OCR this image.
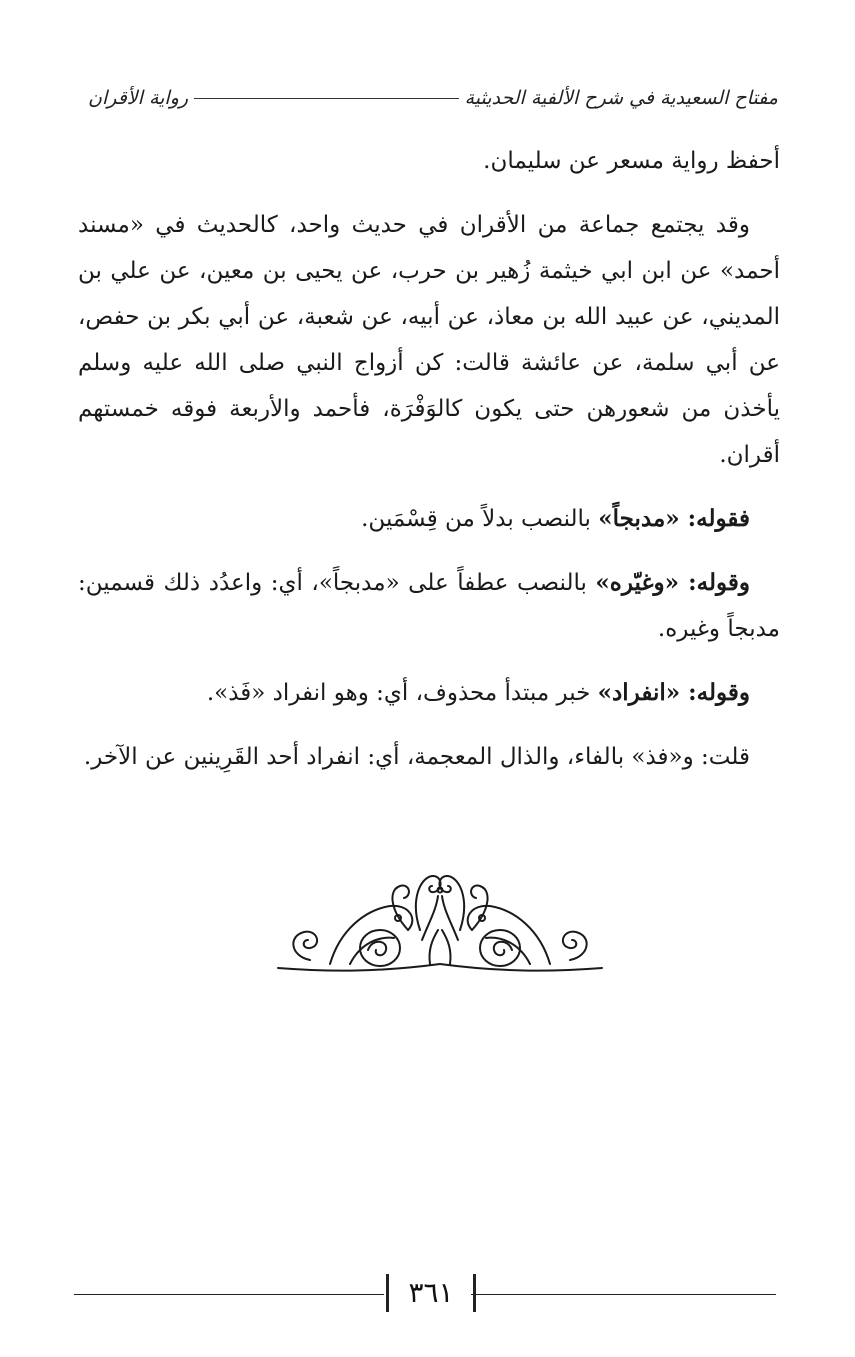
مفتاح السعيدية في شرح الألفية الحديثية
رواية الأقران

أحفظ رواية مسعر عن سليمان.

وقد يجتمع جماعة من الأقران في حديث واحد، كالحديث في «مسند أحمد» عن ابن ابي خيثمة زُهير بن حرب، عن يحيى بن معين، عن علي بن المديني، عن عبيد الله بن معاذ، عن أبيه، عن شعبة، عن أبي بكر بن حفص، عن أبي سلمة، عن عائشة قالت: كن أزواج النبي صلى الله عليه وسلم يأخذن من شعورهن حتى يكون كالوَفْرَة، فأحمد والأربعة فوقه خمستهم أقران.

فقوله: «مدبجاً» بالنصب بدلاً من قِسْمَين.

وقوله: «وغيّره» بالنصب عطفاً على «مدبجاً»، أي: واعدُد ذلك قسمين: مدبجاً وغيره.

وقوله: «انفراد» خبر مبتدأ محذوف، أي: وهو انفراد «فَذ».

قلت: و«فذ» بالفاء، والذال المعجمة، أي: انفراد أحد القَرِينين عن الآخر.

٣٦١
